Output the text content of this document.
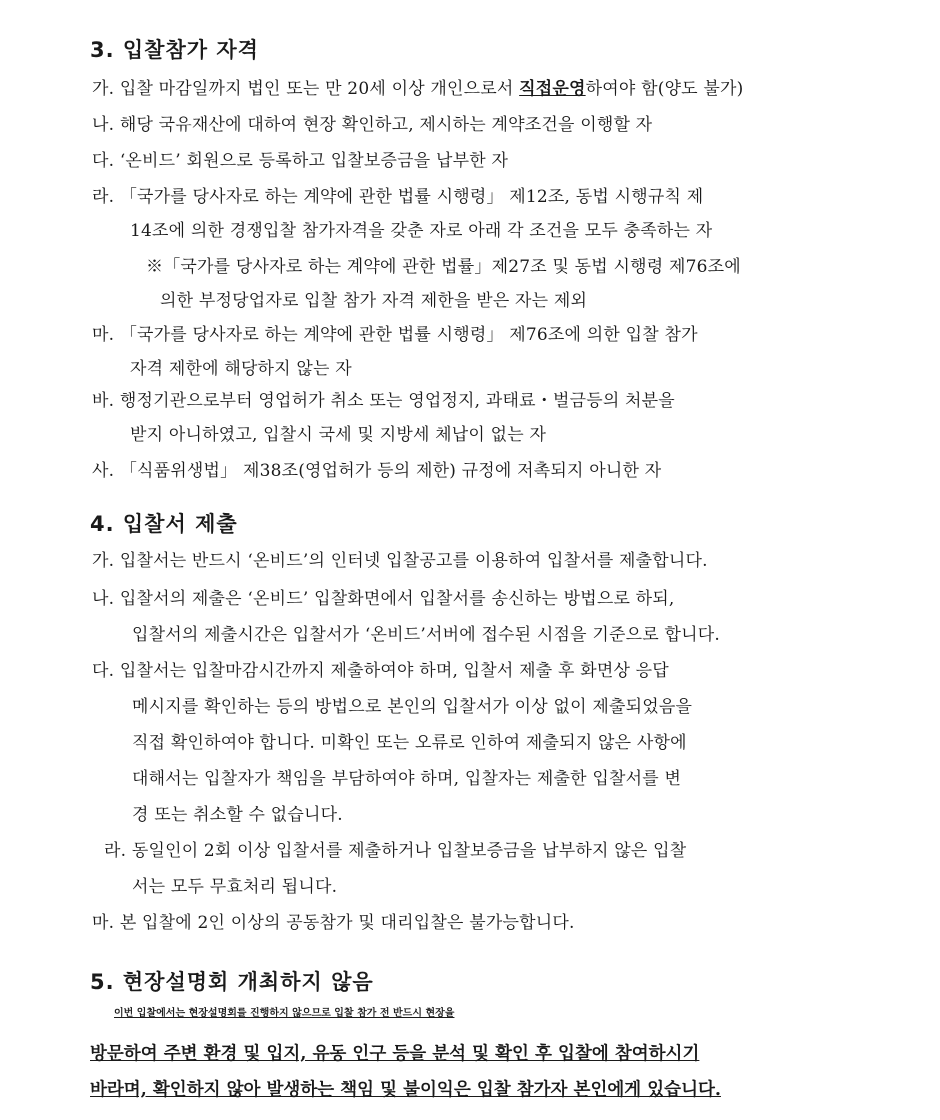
3. 입찰참가 자격
가. 입찰 마감일까지 법인 또는 만 20세 이상 개인으로서 직접운영하여야 함(양도 불가)
나. 해당 국유재산에 대하여 현장 확인하고, 제시하는 계약조건을 이행할 자
다. ‘온비드’ 회원으로 등록하고 입찰보증금을 납부한 자
라. 「국가를 당사자로 하는 계약에 관한 법률 시행령」 제12조, 동법 시행규칙 제
14조에 의한 경쟁입찰 참가자격을 갖춘 자로 아래 각 조건을 모두 충족하는 자
※「국가를 당사자로 하는 계약에 관한 법률」제27조 및 동법 시행령 제76조에
의한 부정당업자로 입찰 참가 자격 제한을 받은 자는 제외
마. 「국가를 당사자로 하는 계약에 관한 법률 시행령」 제76조에 의한 입찰 참가
자격 제한에 해당하지 않는 자
바. 행정기관으로부터 영업허가 취소 또는 영업정지, 과태료・벌금등의 처분을
받지 아니하였고, 입찰시 국세 및 지방세 체납이 없는 자
사. 「식품위생법」 제38조(영업허가 등의 제한) 규정에 저촉되지 아니한 자
4. 입찰서 제출
가. 입찰서는 반드시 ‘온비드’의 인터넷 입찰공고를 이용하여 입찰서를 제출합니다.
나. 입찰서의 제출은 ‘온비드’ 입찰화면에서 입찰서를 송신하는 방법으로 하되,
입찰서의 제출시간은 입찰서가 ‘온비드’서버에 접수된 시점을 기준으로 합니다.
다. 입찰서는 입찰마감시간까지 제출하여야 하며, 입찰서 제출 후 화면상 응답
메시지를 확인하는 등의 방법으로 본인의 입찰서가 이상 없이 제출되었음을
직접 확인하여야 합니다. 미확인 또는 오류로 인하여 제출되지 않은 사항에
대해서는 입찰자가 책임을 부담하여야 하며, 입찰자는 제출한 입찰서를 변
경 또는 취소할 수 없습니다.
라. 동일인이 2회 이상 입찰서를 제출하거나 입찰보증금을 납부하지 않은 입찰
서는 모두 무효처리 됩니다.
마. 본 입찰에 2인 이상의 공동참가 및 대리입찰은 불가능합니다.
5. 현장설명회 개최하지 않음
이번 입찰에서는 현장설명회를 진행하지 않으므로 입찰 참가 전 반드시 현장을
방문하여 주변 환경 및 입지, 유동 인구 등을 분석 및 확인 후 입찰에 참여하시기
바라며, 확인하지 않아 발생하는 책임 및 불이익은 입찰 참가자 본인에게 있습니다.
